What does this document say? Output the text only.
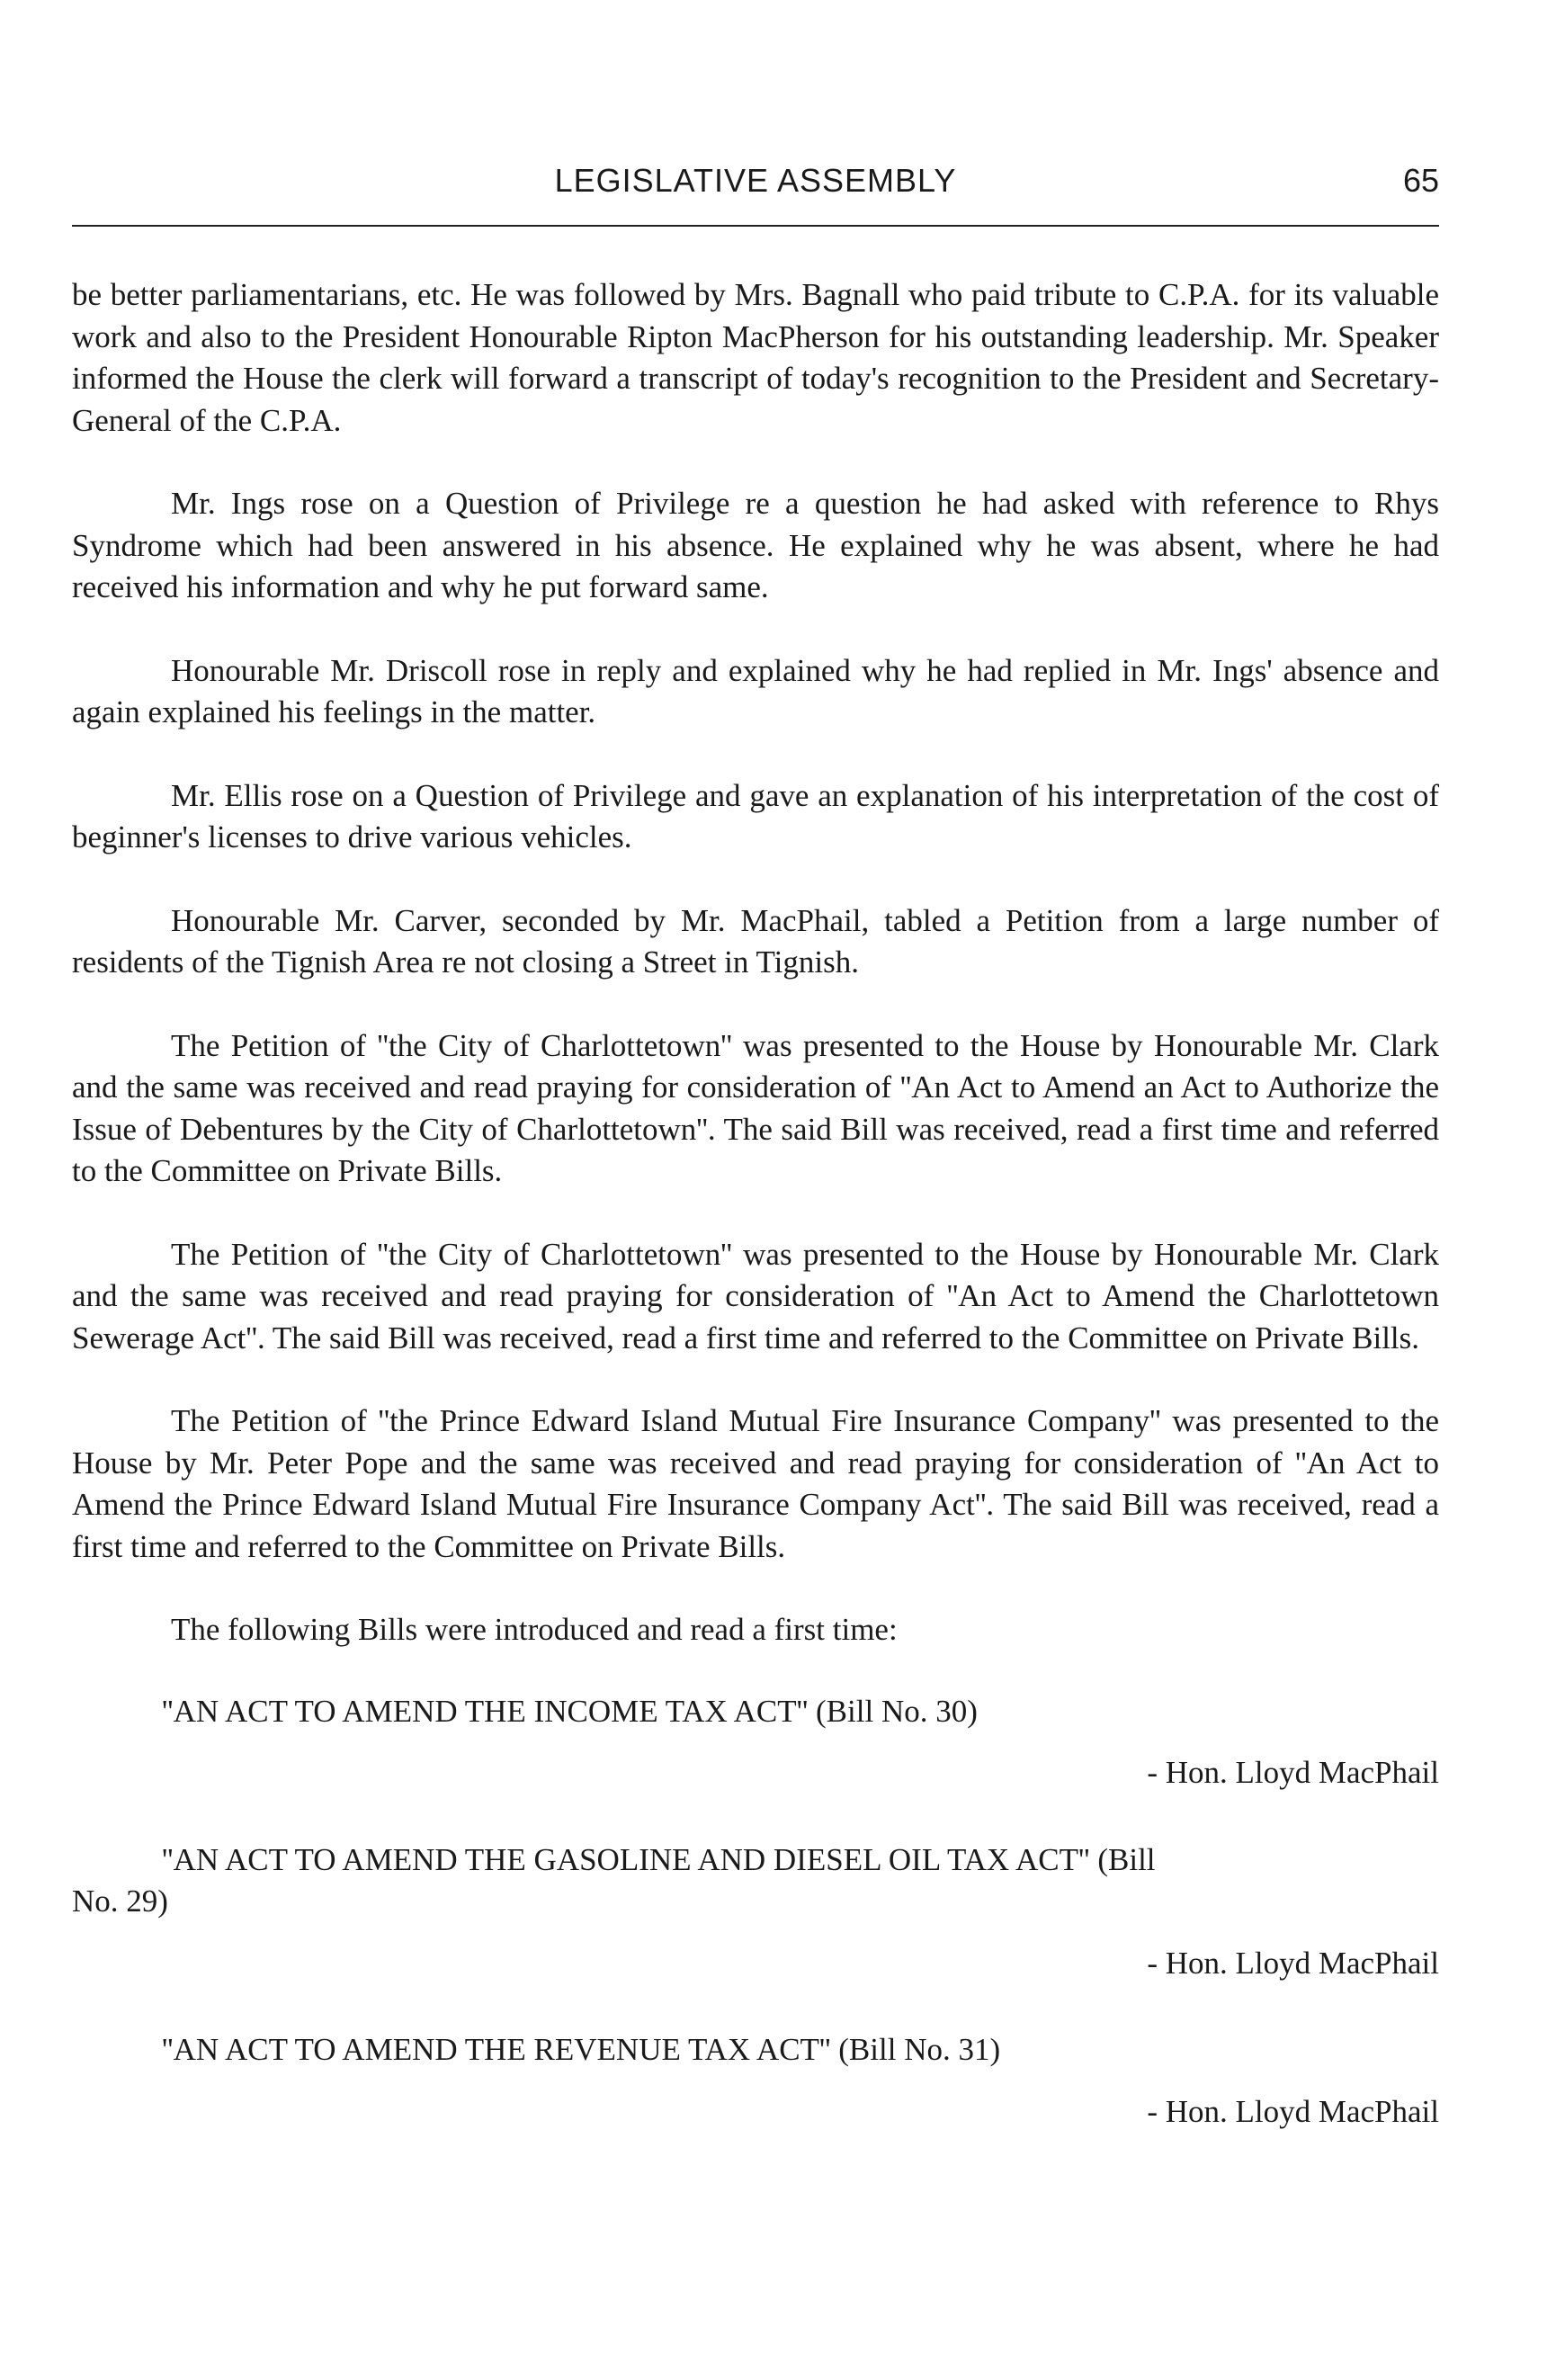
LEGISLATIVE ASSEMBLY	65

be better parliamentarians, etc. He was followed by Mrs. Bagnall who paid tribute to C.P.A. for its valuable work and also to the President Honourable Ripton MacPherson for his outstanding leadership. Mr. Speaker informed the House the clerk will forward a transcript of today's recognition to the President and Secretary-General of the C.P.A.

Mr. Ings rose on a Question of Privilege re a question he had asked with reference to Rhys Syndrome which had been answered in his absence. He explained why he was absent, where he had received his information and why he put forward same.

Honourable Mr. Driscoll rose in reply and explained why he had replied in Mr. Ings' absence and again explained his feelings in the matter.

Mr. Ellis rose on a Question of Privilege and gave an explanation of his interpretation of the cost of beginner's licenses to drive various vehicles.

Honourable Mr. Carver, seconded by Mr. MacPhail, tabled a Petition from a large number of residents of the Tignish Area re not closing a Street in Tignish.

The Petition of ''the City of Charlottetown'' was presented to the House by Honourable Mr. Clark and the same was received and read praying for consideration of ''An Act to Amend an Act to Authorize the Issue of Debentures by the City of Charlottetown''. The said Bill was received, read a first time and referred to the Committee on Private Bills.

The Petition of ''the City of Charlottetown'' was presented to the House by Honourable Mr. Clark and the same was received and read praying for consideration of ''An Act to Amend the Charlottetown Sewerage Act''. The said Bill was received, read a first time and referred to the Committee on Private Bills.

The Petition of ''the Prince Edward Island Mutual Fire Insurance Company'' was presented to the House by Mr. Peter Pope and the same was received and read praying for consideration of ''An Act to Amend the Prince Edward Island Mutual Fire Insurance Company Act''. The said Bill was received, read a first time and referred to the Committee on Private Bills.

The following Bills were introduced and read a first time:

''AN ACT TO AMEND THE INCOME TAX ACT'' (Bill No. 30)

- Hon. Lloyd MacPhail

''AN ACT TO AMEND THE GASOLINE AND DIESEL OIL TAX ACT'' (Bill
No. 29)

- Hon. Lloyd MacPhail

''AN ACT TO AMEND THE REVENUE TAX ACT'' (Bill No. 31)

- Hon. Lloyd MacPhail
